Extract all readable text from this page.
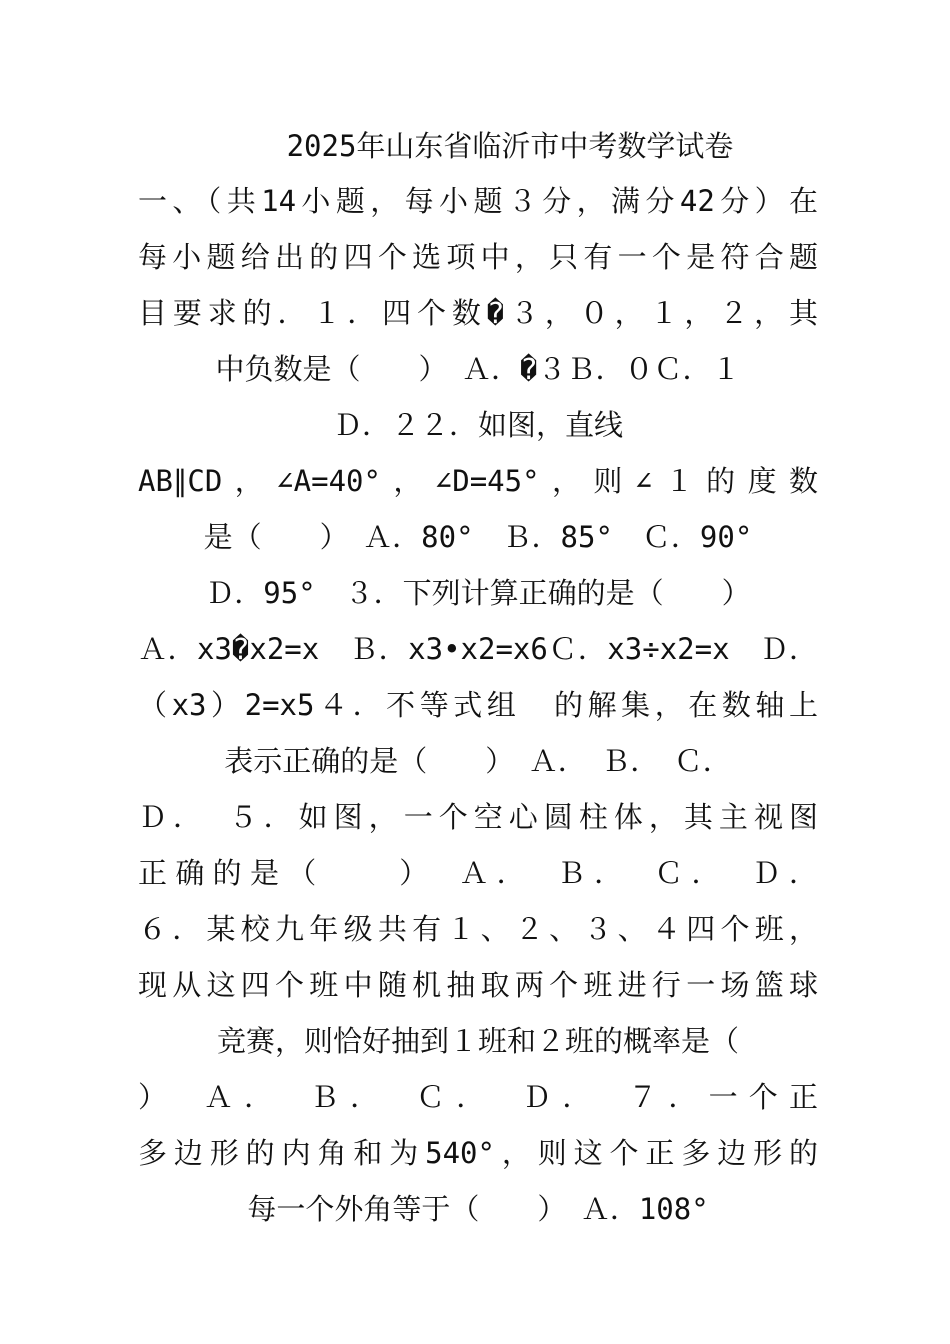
2025年山东省临沂市中考数学试卷
一、（共14小题，每小题３分，满分42分）在
每小题给出的四个选项中，只有一个是符合题
目要求的．１．四个数�３，０，１，２，其
中负数是（　　）　Ａ．�３Ｂ．０Ｃ．１
Ｄ．２２．如图，直线
AB∥CD，∠A=40°，∠D=45°，则∠１的度数
是（　　）　Ａ．80°　Ｂ．85°　Ｃ．90°
Ｄ．95°　３．下列计算正确的是（　　）
Ａ．x3�x2=x　Ｂ．x3•x2=x6Ｃ．x3÷x2=x　Ｄ．
（x3）2=x5４．不等式组　的解集，在数轴上
表示正确的是（　　）　Ａ．　Ｂ．　Ｃ．
Ｄ．　５．如图，一个空心圆柱体，其主视图
正确的是（　　）　Ａ．　Ｂ．　Ｃ．　Ｄ．
６．某校九年级共有１、２、３、４四个班，
现从这四个班中随机抽取两个班进行一场篮球
竞赛，则恰好抽到１班和２班的概率是（
）　Ａ．　Ｂ．　Ｃ．　Ｄ．　７．一个正
多边形的内角和为540°，则这个正多边形的
每一个外角等于（　　）　Ａ．108°
